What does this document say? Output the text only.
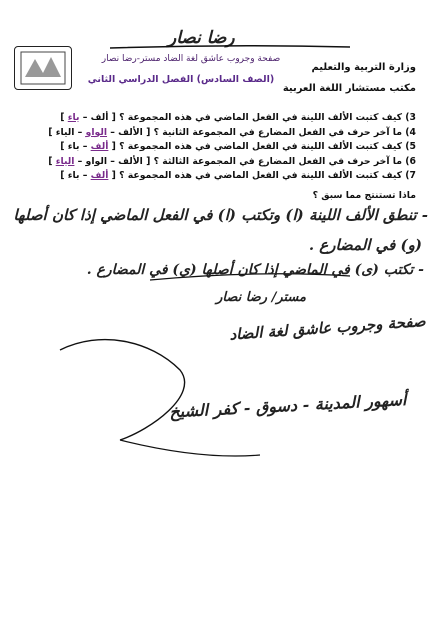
رضا نصار
صفحة وجروب عاشق لغة الضاد مستر-رضا نصار
وزارة التربية والتعليم
مكتب مستشار اللغة العربية
(الصف السادس) الفصل الدراسي الثاني
3) كيف كتبت الألف اللينة في الفعل الماضي في هذه المجموعة ؟ [ ألف – ياء ]
4) ما آخر حرف في الفعل المضارع في المجموعة الثانية ؟ [ الألف – الواو – الياء ]
5) كيف كتبت الألف اللينة في الفعل الماضي في هذه المجموعة ؟ [ ألف – باء ]
6) ما آخر حرف في الفعل المضارع في المجموعة الثالثة ؟ [ الألف – الواو – الياء ]
7) كيف كتبت الألف اللينة في الفعل الماضي في هذه المجموعة ؟ [ ألف – باء ]
ماذا تستنتج مما سبق ؟
- تنطق الألف اللينة (ا) وتكتب (ا) في الفعل الماضي إذا كان أصلها
(و) في المضارع .
- تكتب (ى) في الماضي إذا كان أصلها (ي) في المضارع .
مستر/ رضا نصار
صفحة وجروب عاشق لغة الضاد
أسهور المدينة - دسوق - كفر الشيخ
